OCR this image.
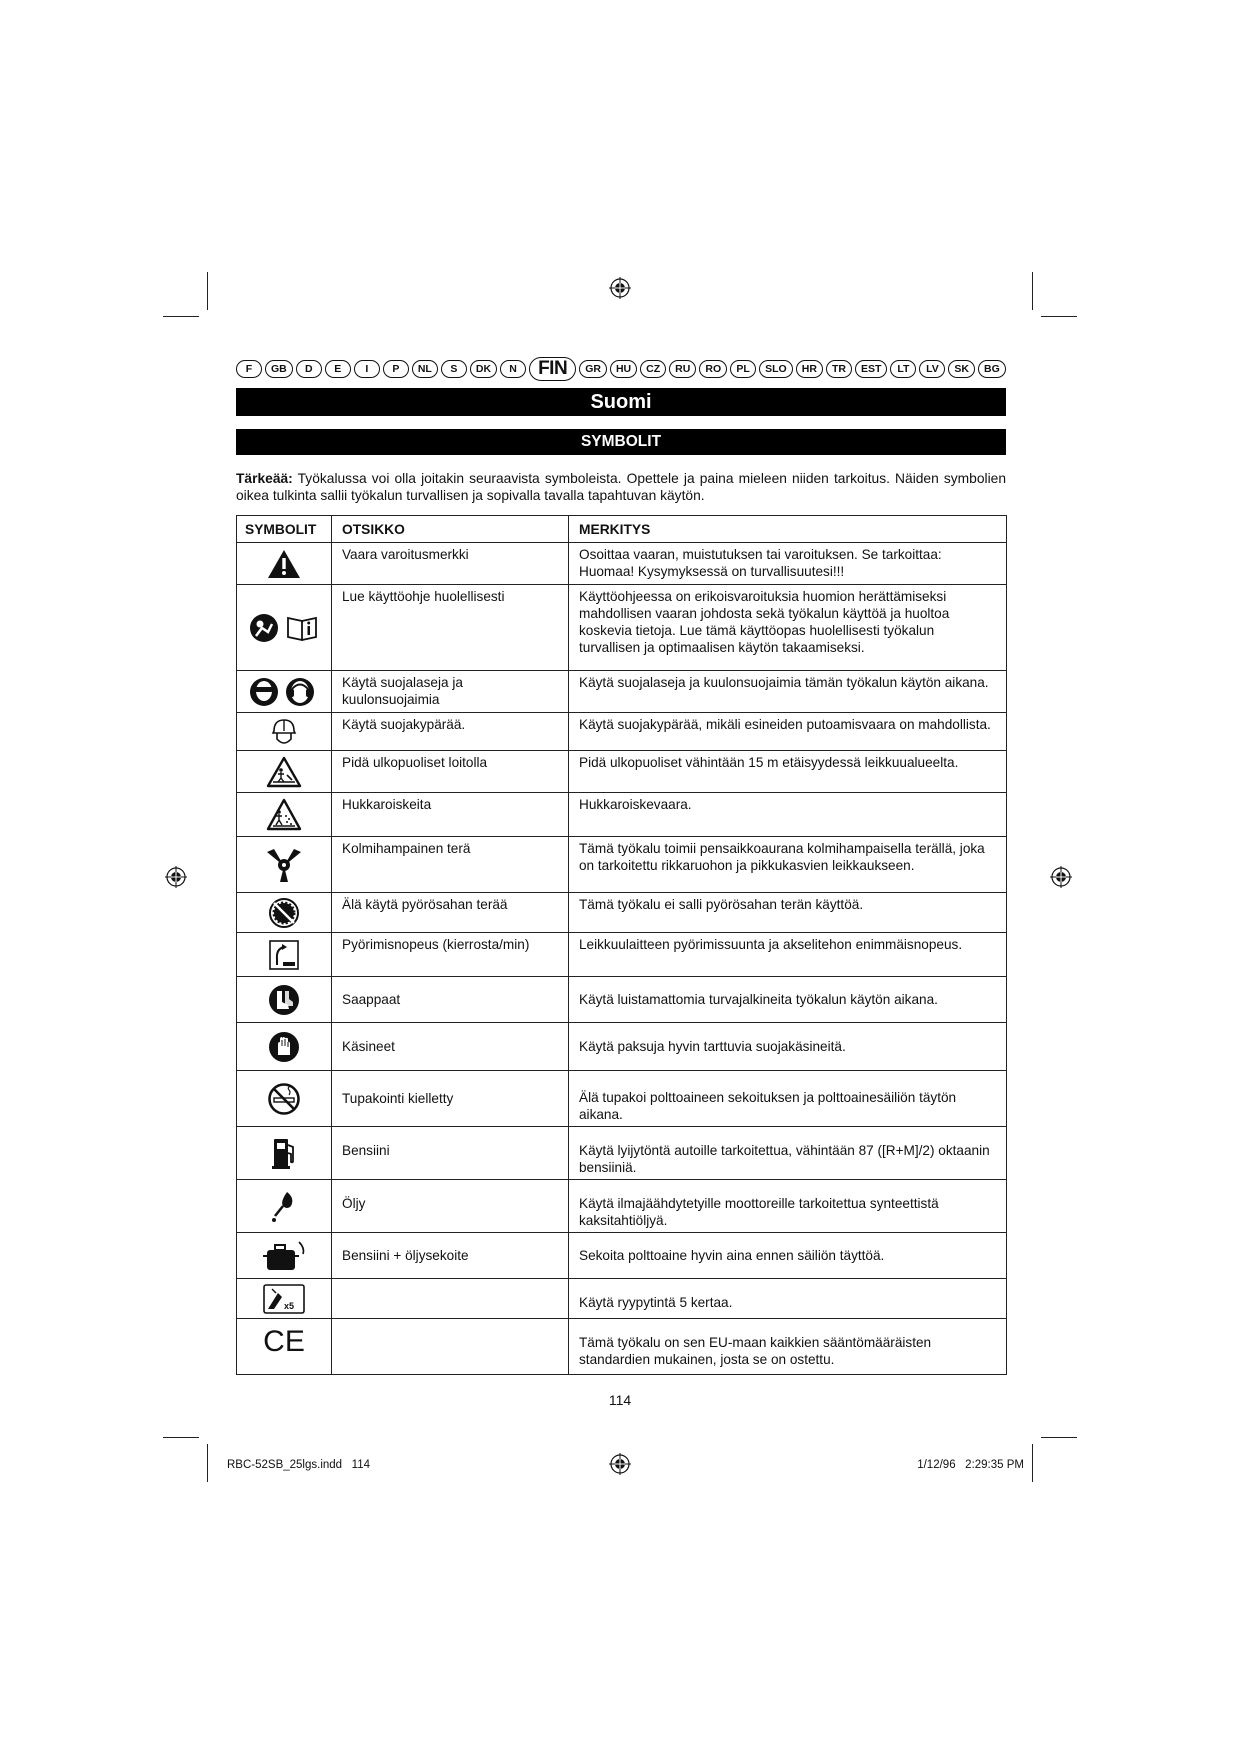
F	GB	D	E	I	P	NL	S	DK	N	FIN	GR	HU	CZ	RU	RO	PL	SLO	HR	TR	EST	LT	LV	SK	BG
Suomi
SYMBOLIT
Tärkeää: Työkalussa voi olla joitakin seuraavista symboleista. Opettele ja paina mieleen niiden tarkoitus. Näiden symbolien oikea tulkinta sallii työkalun turvallisen ja sopivalla tavalla tapahtuvan käytön.
SYMBOLIT	OTSIKKO	MERKITYS
	Vaara varoitusmerkki	Osoittaa vaaran, muistutuksen tai varoituksen. Se tarkoittaa: Huomaa! Kysymyksessä on turvallisuutesi!!!
	Lue käyttöohje huolellisesti	Käyttöohjeessa on erikoisvaroituksia huomion herättämiseksi mahdollisen vaaran johdosta sekä työkalun käyttöä ja huoltoa koskevia tietoja. Lue tämä käyttöopas huolellisesti työkalun turvallisen ja optimaalisen käytön takaamiseksi.
	Käytä suojalaseja ja kuulonsuojaimia	Käytä suojalaseja ja kuulonsuojaimia tämän työkalun käytön aikana.
	Käytä suojakypärää.	Käytä suojakypärää, mikäli esineiden putoamisvaara on mahdollista.
	Pidä ulkopuoliset loitolla	Pidä ulkopuoliset vähintään 15 m etäisyydessä leikkuualueelta.
	Hukkaroiskeita	Hukkaroiskevaara.
	Kolmihampainen terä	Tämä työkalu toimii pensaikkoaurana kolmihampaisella terällä, joka on tarkoitettu rikkaruohon ja pikkukasvien leikkaukseen.
	Älä käytä pyörösahan terää	Tämä työkalu ei salli pyörösahan terän käyttöä.
	Pyörimisnopeus (kierrosta/min)	Leikkuulaitteen pyörimissuunta ja akselitehon enimmäisnopeus.
	Saappaat	Käytä luistamattomia turvajalkineita työkalun käytön aikana.
	Käsineet	Käytä paksuja hyvin tarttuvia suojakäsineitä.
	Tupakointi kielletty	Älä tupakoi polttoaineen sekoituksen ja polttoainesäiliön täytön aikana.
	Bensiini	Käytä lyijytöntä autoille tarkoitettua, vähintään 87 ([R+M]/2) oktaanin bensiiniä.
	Öljy	Käytä ilmajäähdytetyille moottoreille tarkoitettua synteettistä kaksitahtiöljyä.
	Bensiini + öljysekoite	Sekoita polttoaine hyvin aina ennen säiliön täyttöä.

x5		Käytä ryypytintä 5 kertaa.

CE		Tämä työkalu on sen EU-maan kaikkien sääntömääräisten standardien mukainen, josta se on ostettu.
114
RBC-52SB_25lgs.indd   114	1/12/96   2:29:35 PM
